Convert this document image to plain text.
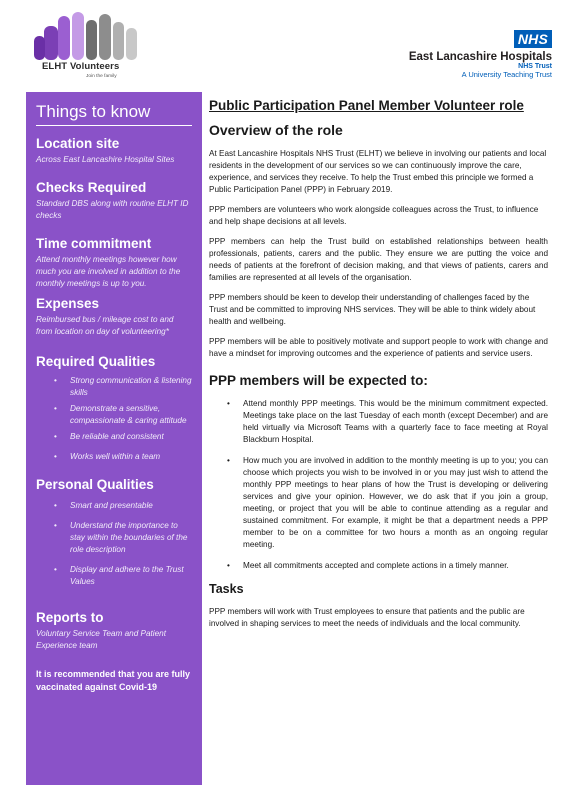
ELHT Volunteers
Join the family
NHS
East Lancashire Hospitals
NHS Trust
A University Teaching Trust
Things to know
Location site
Across East Lancashire Hospital Sites
Checks Required
Standard DBS along with routine ELHT ID checks
Time commitment
Attend monthly meetings however how much you are involved in addition to the monthly meetings is up to you.
Expenses
Reimbursed bus / mileage cost to and from location on day of volunteering*
Required Qualities
• Strong communication & listening skills
• Demonstrate a sensitive, compassionate & caring attitude
• Be reliable and consistent
• Works well within a team
Personal Qualities
• Smart and presentable
• Understand the importance to stay within the boundaries of the role description
• Display and adhere to the Trust Values
Reports to
Voluntary Service Team and Patient Experience team
It is recommended that you are fully vaccinated against Covid-19
Public Participation Panel Member Volunteer role
Overview of the role

At East Lancashire Hospitals NHS Trust (ELHT) we believe in involving our patients and local residents in the development of our services so we can continuously improve the care, experience, and services they receive. To help the Trust embed this principle we formed a Public Participation Panel (PPP) in February 2019.

PPP members are volunteers who work alongside colleagues across the Trust, to influence and help shape decisions at all levels.

PPP members can help the Trust build on established relationships between health professionals, patients, carers and the public. They ensure we are putting the voice and needs of patients at the forefront of decision making, and that views of patients, carers and families are represented at all levels of the organisation.

PPP members should be keen to develop their understanding of challenges faced by the Trust and be committed to improving NHS services. They will be able to think widely about health and wellbeing.

PPP members will be able to positively motivate and support people to work with change and have a mindset for improving outcomes and the experience of patients and service users.

PPP members will be expected to:
• Attend monthly PPP meetings. This would be the minimum commitment expected. Meetings take place on the last Tuesday of each month (except December) and are held virtually via Microsoft Teams with a quarterly face to face meeting at Royal Blackburn Hospital.
• How much you are involved in addition to the monthly meeting is up to you; you can choose which projects you wish to be involved in or you may just wish to attend the monthly PPP meetings to hear plans of how the Trust is developing or delivering services and give your opinion. However, we do ask that if you join a group, meeting, or project that you will be able to continue attending as a regular and sustained commitment. For example, it might be that a department needs a PPP member to be on a committee for two hours a month as an ongoing regular meeting.
• Meet all commitments accepted and complete actions in a timely manner.
Tasks

PPP members will work with Trust employees to ensure that patients and the public are involved in shaping services to meet the needs of individuals and the local community.
